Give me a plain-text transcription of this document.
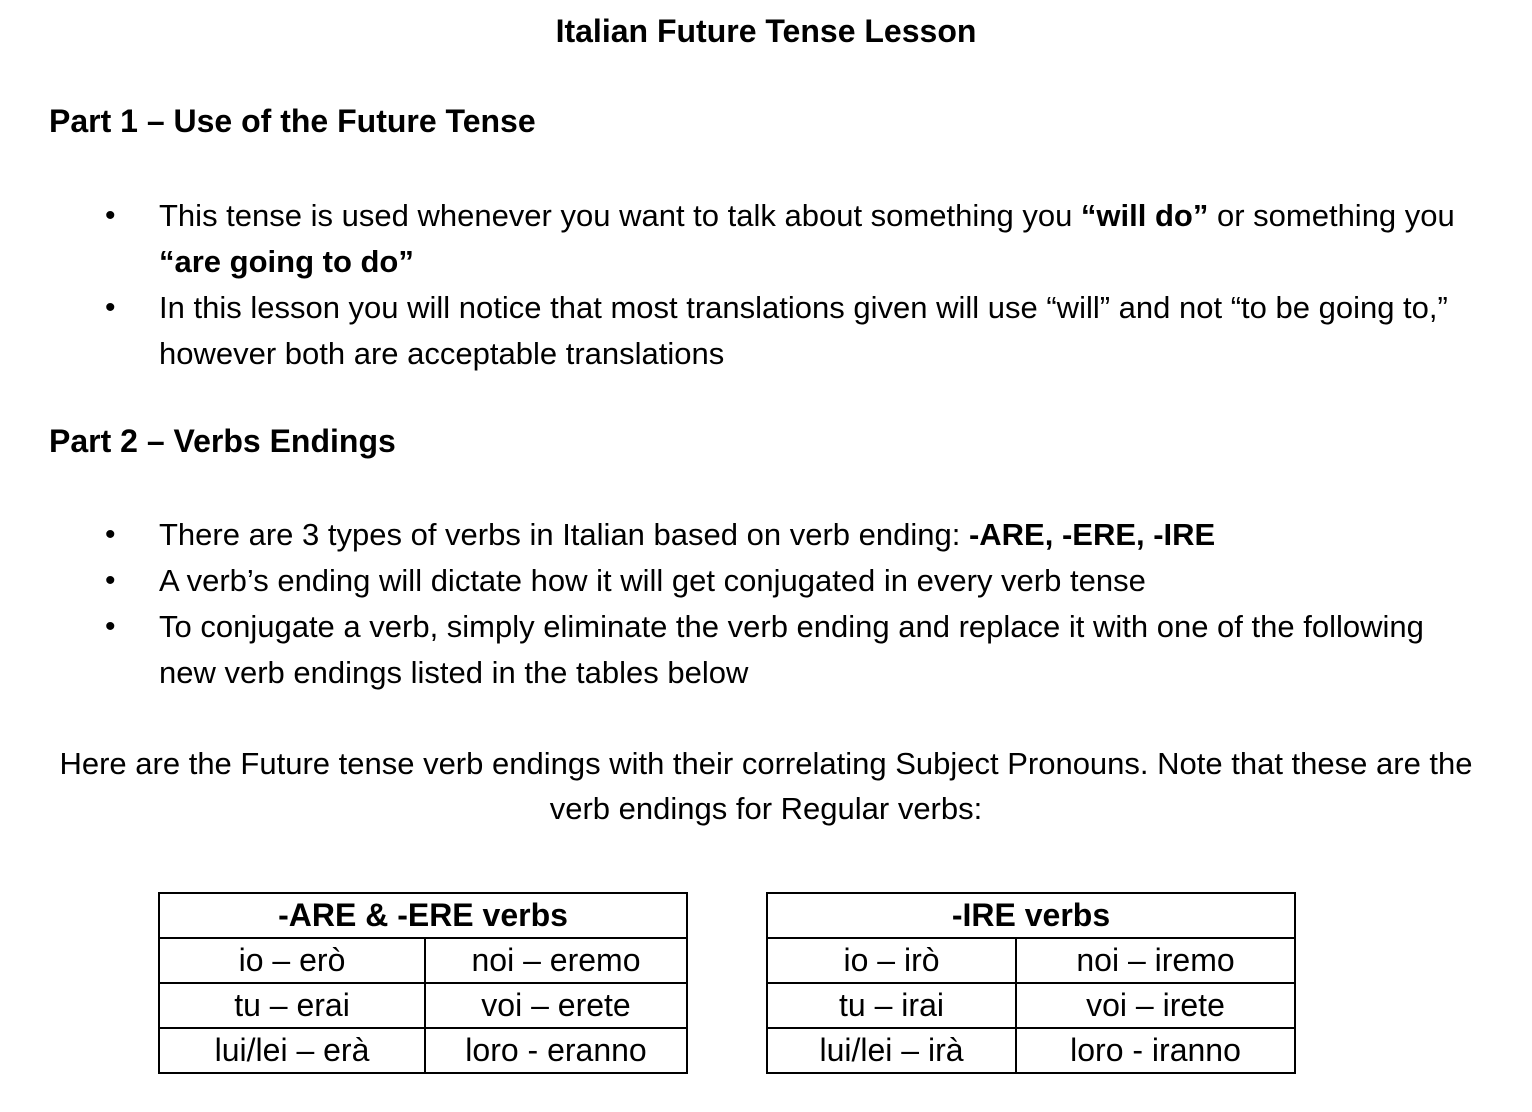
Italian Future Tense Lesson
Part 1 – Use of the Future Tense
•	This tense is used whenever you want to talk about something you “will do” or something you “are going to do”
•	In this lesson you will notice that most translations given will use “will” and not “to be going to,” however both are acceptable translations
Part 2 – Verbs Endings
•	There are 3 types of verbs in Italian based on verb ending: -ARE, -ERE, -IRE
•	A verb’s ending will dictate how it will get conjugated in every verb tense
•	To conjugate a verb, simply eliminate the verb ending and replace it with one of the following new verb endings listed in the tables below
Here are the Future tense verb endings with their correlating Subject Pronouns. Note that these are the verb endings for Regular verbs:
-ARE & -ERE verbs	
io – erò	noi – eremo
tu – erai	voi – erete
lui/lei – erà	loro - eranno
-IRE verbs	
io – irò	noi – iremo
tu – irai	voi – irete
lui/lei – irà	loro - iranno
